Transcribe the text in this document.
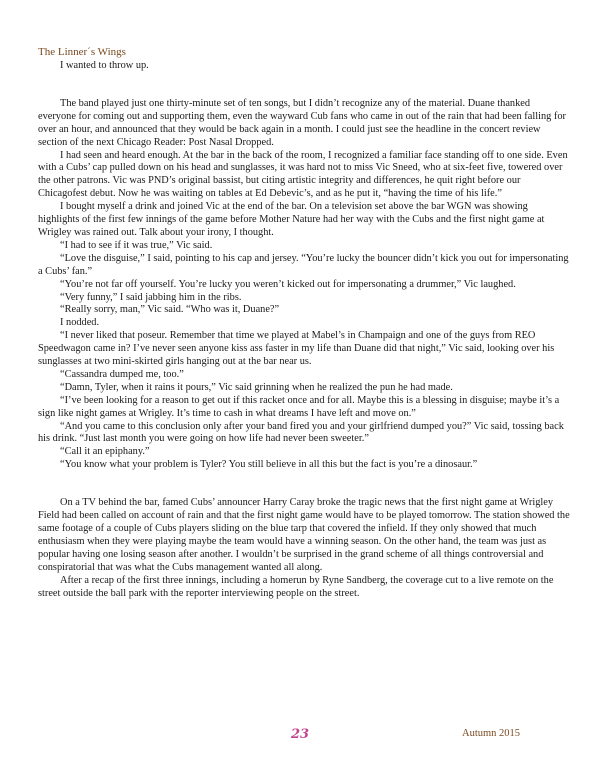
The Linner´s Wings

I wanted to throw up.

The band played just one thirty-minute set of ten songs, but I didn’t recognize any of the material. Duane thanked everyone for coming out and supporting them, even the wayward Cub fans who came in out of the rain that had been falling for over an hour, and announced that they would be back again in a month. I could just see the headline in the concert review section of the next Chicago Reader: Post Nasal Dropped.

I had seen and heard enough. At the bar in the back of the room, I recognized a familiar face standing off to one side. Even with a Cubs’ cap pulled down on his head and sunglasses, it was hard not to miss Vic Sneed, who at six-feet five, towered over the other patrons. Vic was PND’s original bassist, but citing artistic integrity and differences, he quit right before our Chicagofest debut. Now he was waiting on tables at Ed Debevic’s, and as he put it, “having the time of his life.”

I bought myself a drink and joined Vic at the end of the bar. On a television set above the bar WGN was showing highlights of the first few innings of the game before Mother Nature had her way with the Cubs and the first night game at Wrigley was rained out. Talk about your irony, I thought.

“I had to see if it was true,” Vic said.

“Love the disguise,” I said, pointing to his cap and jersey. “You’re lucky the bouncer didn’t kick you out for impersonating a Cubs’ fan.”

“You’re not far off yourself. You’re lucky you weren’t kicked out for impersonating a drummer,” Vic laughed.

“Very funny,” I said jabbing him in the ribs.

“Really sorry, man,” Vic said. “Who was it, Duane?”

I nodded.

“I never liked that poseur. Remember that time we played at Mabel’s in Champaign and one of the guys from REO Speedwagon came in? I’ve never seen anyone kiss ass faster in my life than Duane did that night,” Vic said, looking over his sunglasses at two mini-skirted girls hanging out at the bar near us.

“Cassandra dumped me, too.”

“Damn, Tyler, when it rains it pours,” Vic said grinning when he realized the pun he had made.

“I’ve been looking for a reason to get out if this racket once and for all. Maybe this is a blessing in disguise; maybe it’s a sign like night games at Wrigley. It’s time to cash in what dreams I have left and move on.”

“And you came to this conclusion only after your band fired you and your girlfriend dumped you?” Vic said, tossing back his drink. “Just last month you were going on how life had never been sweeter.”

“Call it an epiphany.”

“You know what your problem is Tyler? You still believe in all this but the fact is you’re a dinosaur.”

On a TV behind the bar, famed Cubs’ announcer Harry Caray broke the tragic news that the first night game at Wrigley Field had been called on account of rain and that the first night game would have to be played tomorrow. The station showed the same footage of a couple of Cubs players sliding on the blue tarp that covered the infield. If they only showed that much enthusiasm when they were playing maybe the team would have a winning season. On the other hand, the team was just as popular having one losing season after another. I wouldn’t be surprised in the grand scheme of all things controversial and conspiratorial that was what the Cubs management wanted all along.

After a recap of the first three innings, including a homerun by Ryne Sandberg, the coverage cut to a live remote on the street outside the ball park with the reporter interviewing people on the street.

23	Autumn 2015
